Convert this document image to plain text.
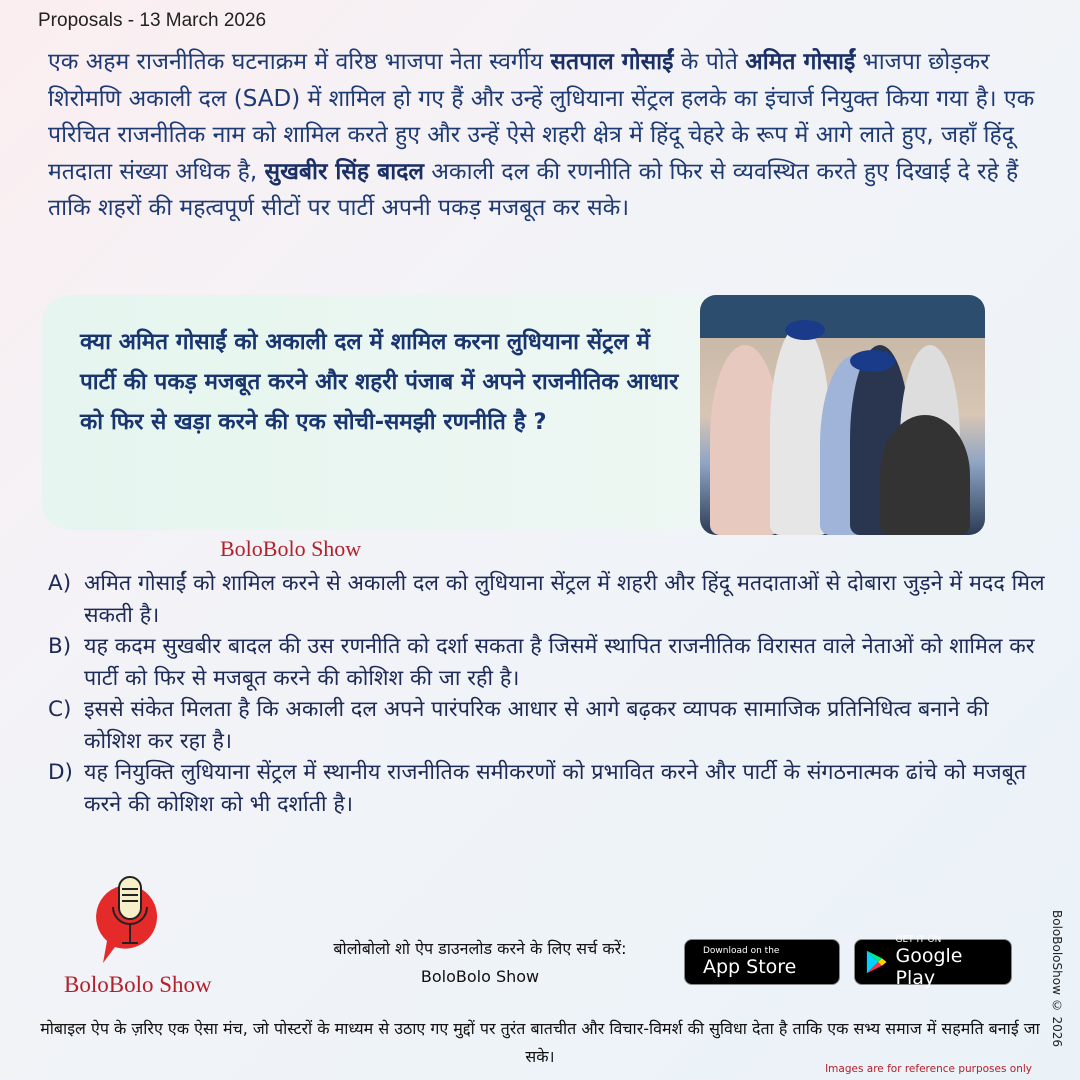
Proposals - 13 March 2026
एक अहम राजनीतिक घटनाक्रम में वरिष्ठ भाजपा नेता स्वर्गीय सतपाल गोसाईं के पोते अमित गोसाईं भाजपा छोड़कर शिरोमणि अकाली दल (SAD) में शामिल हो गए हैं और उन्हें लुधियाना सेंट्रल हलके का इंचार्ज नियुक्त किया गया है। एक परिचित राजनीतिक नाम को शामिल करते हुए और उन्हें ऐसे शहरी क्षेत्र में हिंदू चेहरे के रूप में आगे लाते हुए, जहाँ हिंदू मतदाता संख्या अधिक है, सुखबीर सिंह बादल अकाली दल की रणनीति को फिर से व्यवस्थित करते हुए दिखाई दे रहे हैं ताकि शहरों की महत्वपूर्ण सीटों पर पार्टी अपनी पकड़ मजबूत कर सके।
क्या अमित गोसाईं को अकाली दल में शामिल करना लुधियाना सेंट्रल में पार्टी की पकड़ मजबूत करने और शहरी पंजाब में अपने राजनीतिक आधार को फिर से खड़ा करने की एक सोची-समझी रणनीति है ?
BoloBolo Show
A) अमित गोसाईं को शामिल करने से अकाली दल को लुधियाना सेंट्रल में शहरी और हिंदू मतदाताओं से दोबारा जुड़ने में मदद मिल सकती है।
B) यह कदम सुखबीर बादल की उस रणनीति को दर्शा सकता है जिसमें स्थापित राजनीतिक विरासत वाले नेताओं को शामिल कर पार्टी को फिर से मजबूत करने की कोशिश की जा रही है।
C) इससे संकेत मिलता है कि अकाली दल अपने पारंपरिक आधार से आगे बढ़कर व्यापक सामाजिक प्रतिनिधित्व बनाने की कोशिश कर रहा है।
D) यह नियुक्ति लुधियाना सेंट्रल में स्थानीय राजनीतिक समीकरणों को प्रभावित करने और पार्टी के संगठनात्मक ढांचे को मजबूत करने की कोशिश को भी दर्शाती है।
BoloBolo Show
बोलोबोलो शो ऐप डाउनलोड करने के लिए सर्च करें:
BoloBolo Show
Download on the
App Store
GET IT ON
Google Play
मोबाइल ऐप के ज़रिए एक ऐसा मंच, जो पोस्टरों के माध्यम से उठाए गए मुद्दों पर तुरंत बातचीत और विचार-विमर्श की सुविधा देता है ताकि एक सभ्य समाज में सहमति बनाई जा सके।
Images are for reference purposes only
BoloBoloShow © 2026
